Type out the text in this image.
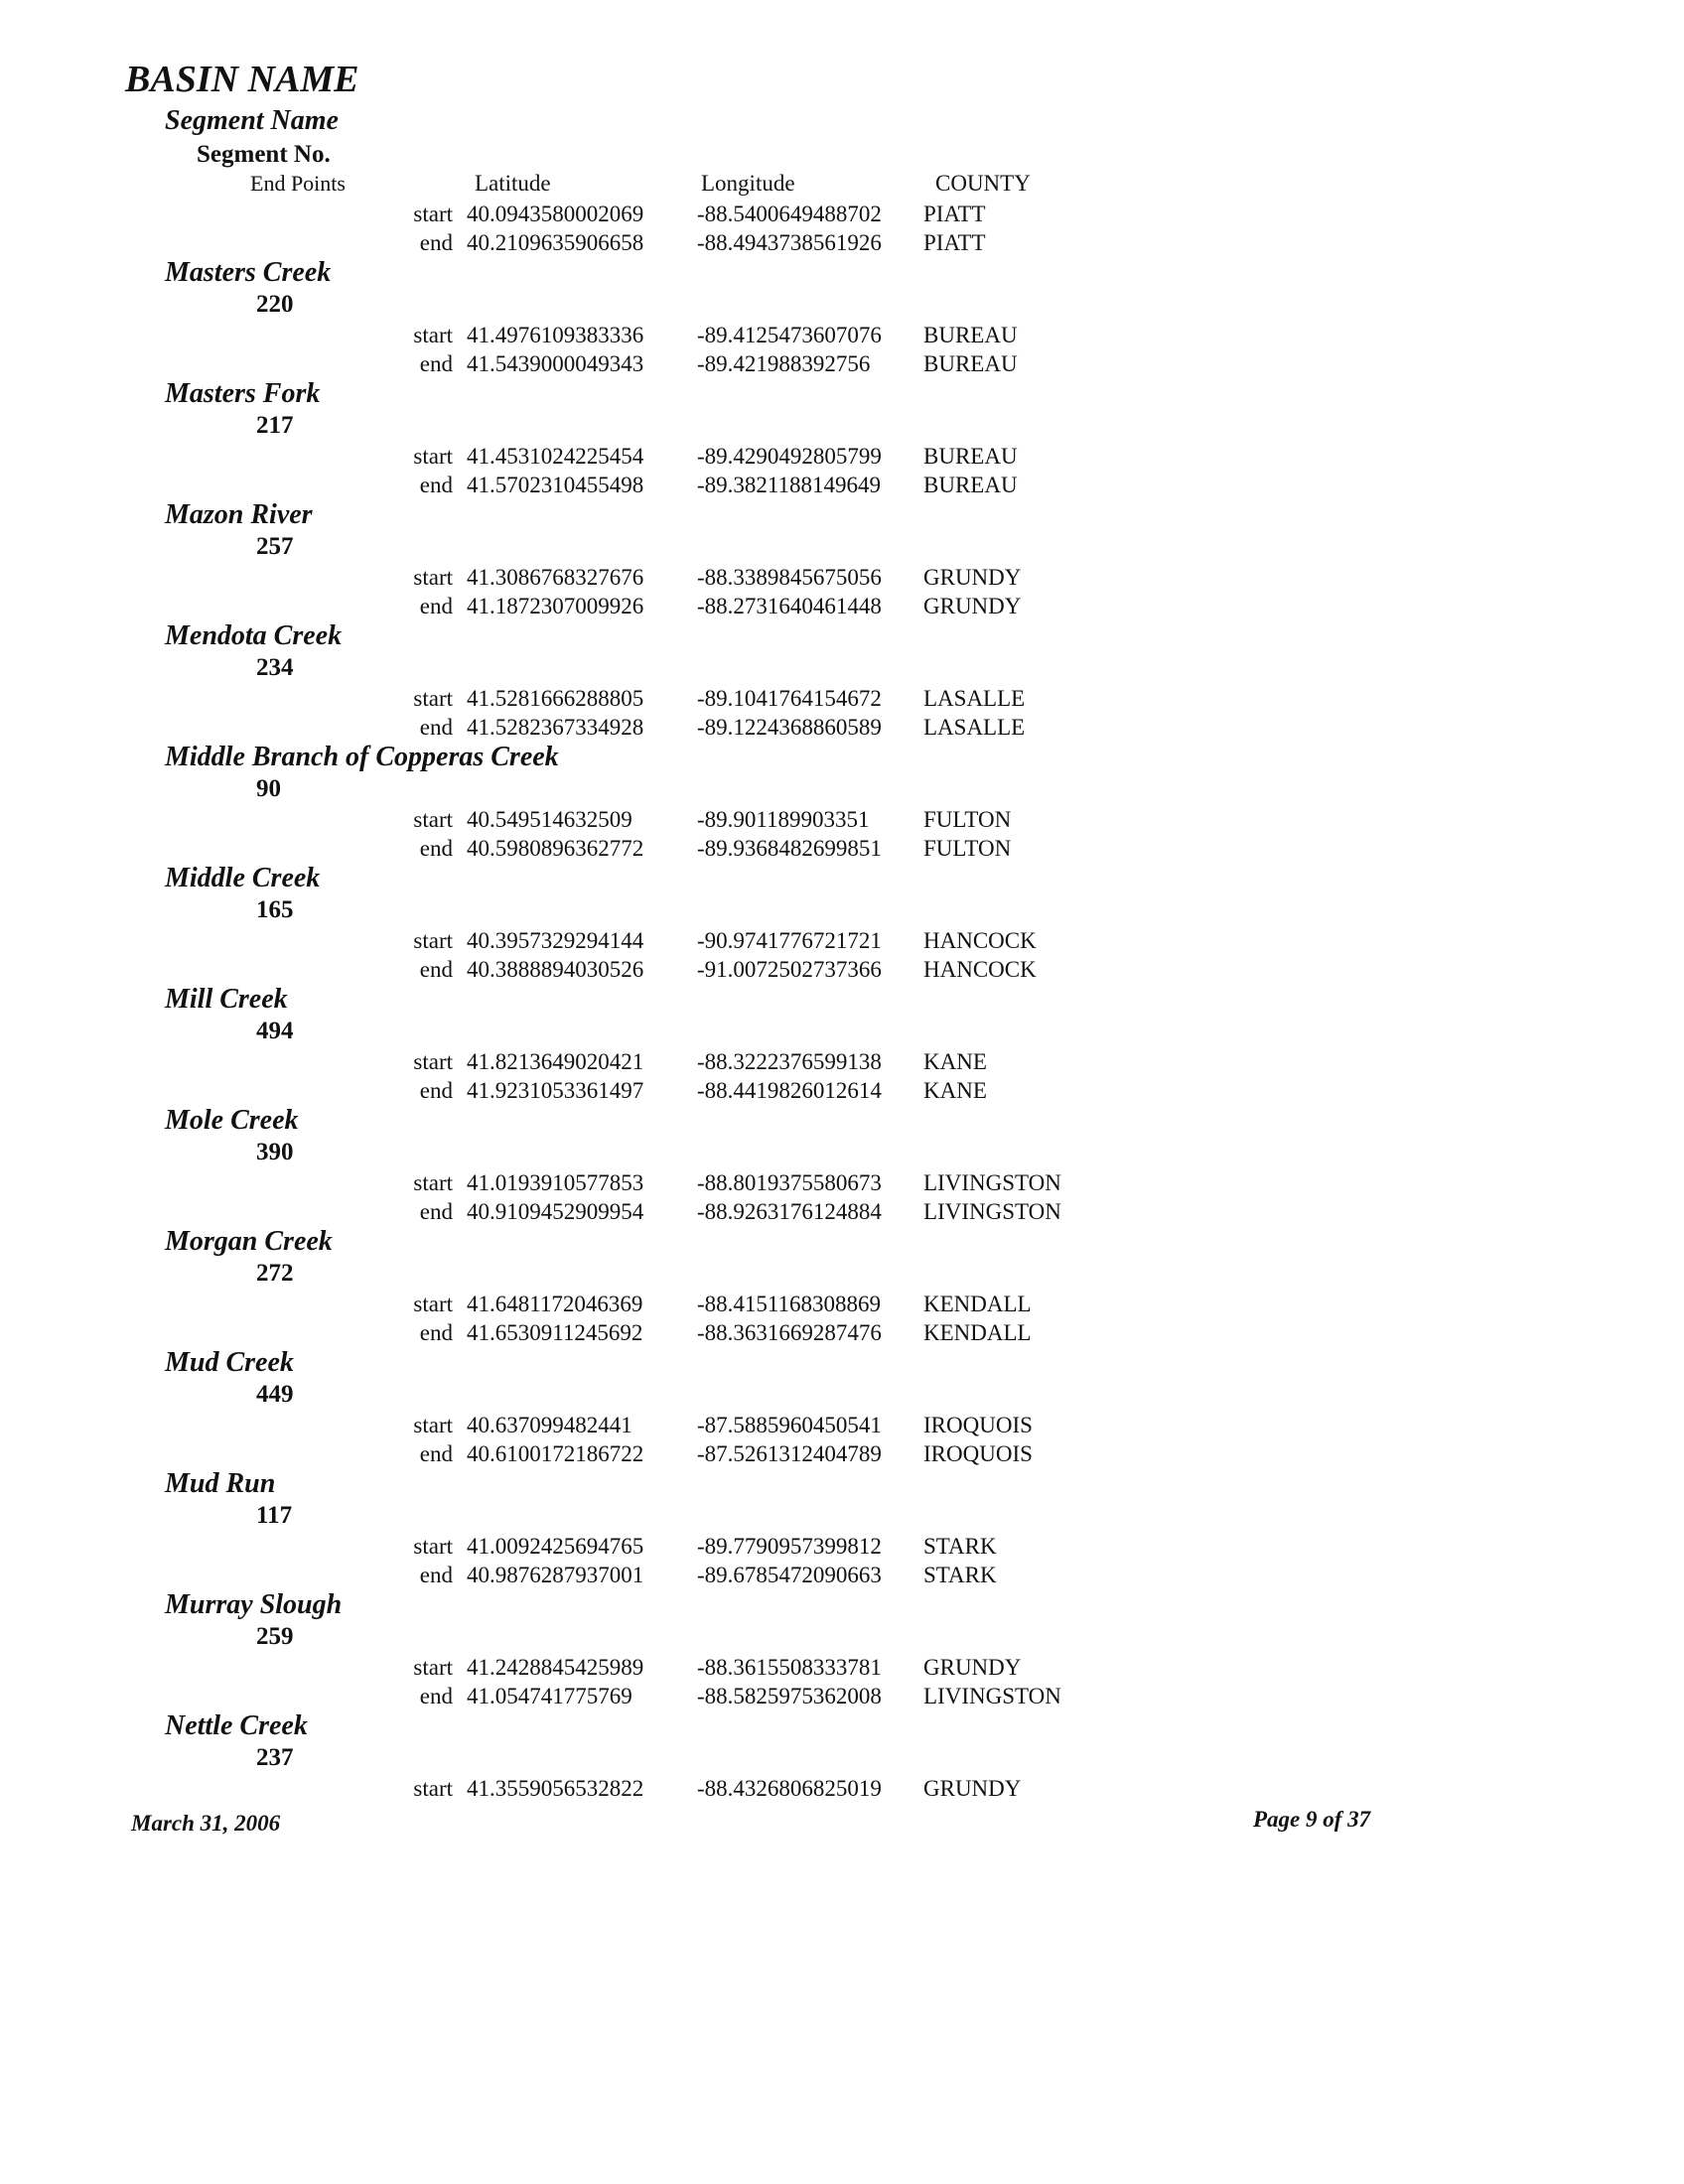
BASIN NAME
Segment Name
Segment No.
End Points	Latitude	Longitude	COUNTY
start 40.0943580002069 -88.5400649488702 PIATT
end 40.2109635906658 -88.4943738561926 PIATT
Masters Creek
220
start 41.4976109383336 -89.4125473607076 BUREAU
end 41.5439000049343 -89.421988392756 BUREAU
Masters Fork
217
start 41.4531024225454 -89.4290492805799 BUREAU
end 41.5702310455498 -89.3821188149649 BUREAU
Mazon River
257
start 41.3086768327676 -88.3389845675056 GRUNDY
end 41.1872307009926 -88.2731640461448 GRUNDY
Mendota Creek
234
start 41.5281666288805 -89.1041764154672 LASALLE
end 41.5282367334928 -89.1224368860589 LASALLE
Middle Branch of Copperas Creek
90
start 40.549514632509	-89.901189903351 FULTON
end 40.5980896362772 -89.9368482699851 FULTON
Middle Creek
165
start 40.3957329294144 -90.9741776721721 HANCOCK
end 40.3888894030526 -91.0072502737366 HANCOCK
Mill Creek
494
start 41.8213649020421 -88.3222376599138 KANE
end 41.9231053361497 -88.4419826012614 KANE
Mole Creek
390
start 41.0193910577853 -88.8019375580673 LIVINGSTON
end 40.9109452909954 -88.9263176124884 LIVINGSTON
Morgan Creek
272
start 41.6481172046369 -88.4151168308869 KENDALL
end 41.6530911245692 -88.3631669287476 KENDALL
Mud Creek
449
start 40.637099482441	-87.5885960450541 IROQUOIS
end 40.6100172186722 -87.5261312404789 IROQUOIS
Mud Run
117
start 41.0092425694765 -89.7790957399812 STARK
end 40.9876287937001 -89.6785472090663 STARK
Murray Slough
259
start 41.2428845425989 -88.3615508333781 GRUNDY
end 41.054741775769	-88.5825975362008 LIVINGSTON
Nettle Creek
237
start 41.3559056532822 -88.4326806825019 GRUNDY
March 31, 2006	Page 9 of 37
